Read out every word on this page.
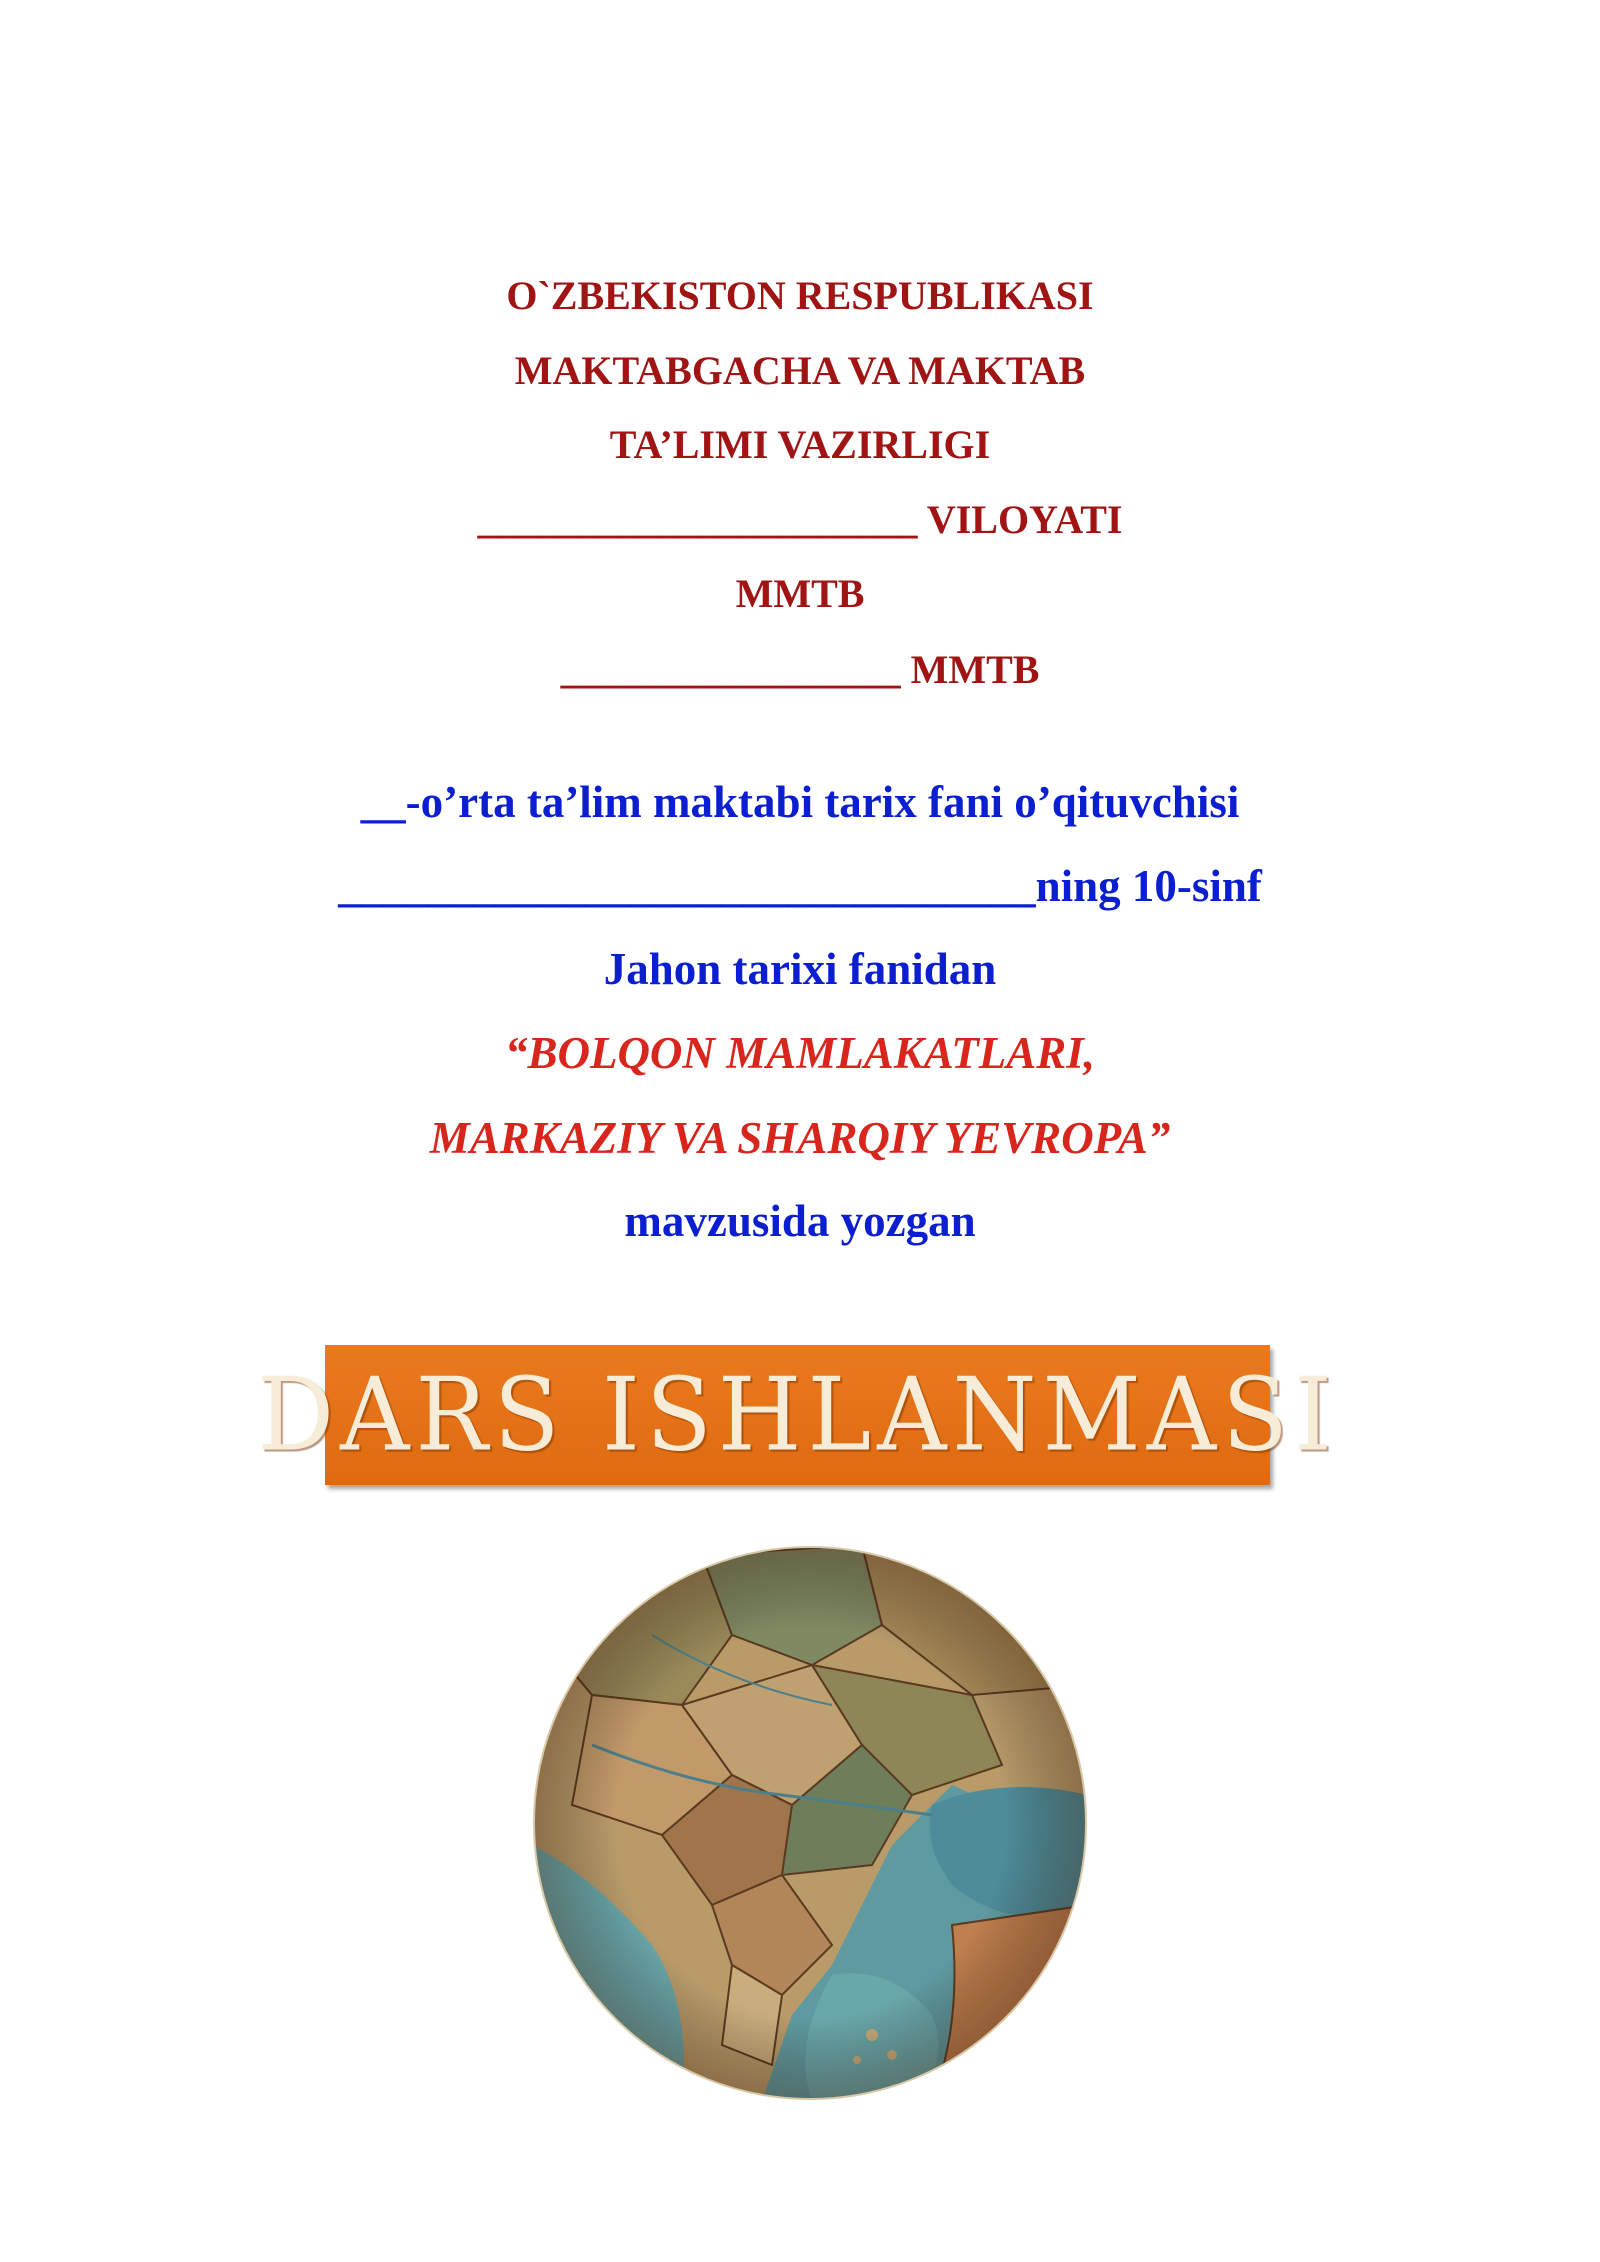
O`ZBEKISTON RESPUBLIKASI
MAKTABGACHA VA MAKTAB
TA’LIMI VAZIRLIGI
______________________ VILOYATI
MMTB
_________________ MMTB
__-o’rta ta’lim maktabi tarix fani o’qituvchisi
_______________________________ning 10-sinf
Jahon tarixi fanidan
“BOLQON MAMLAKATLARI,
MARKAZIY VA SHARQIY YEVROPA”
mavzusida yozgan
DARS ISHLANMASI
